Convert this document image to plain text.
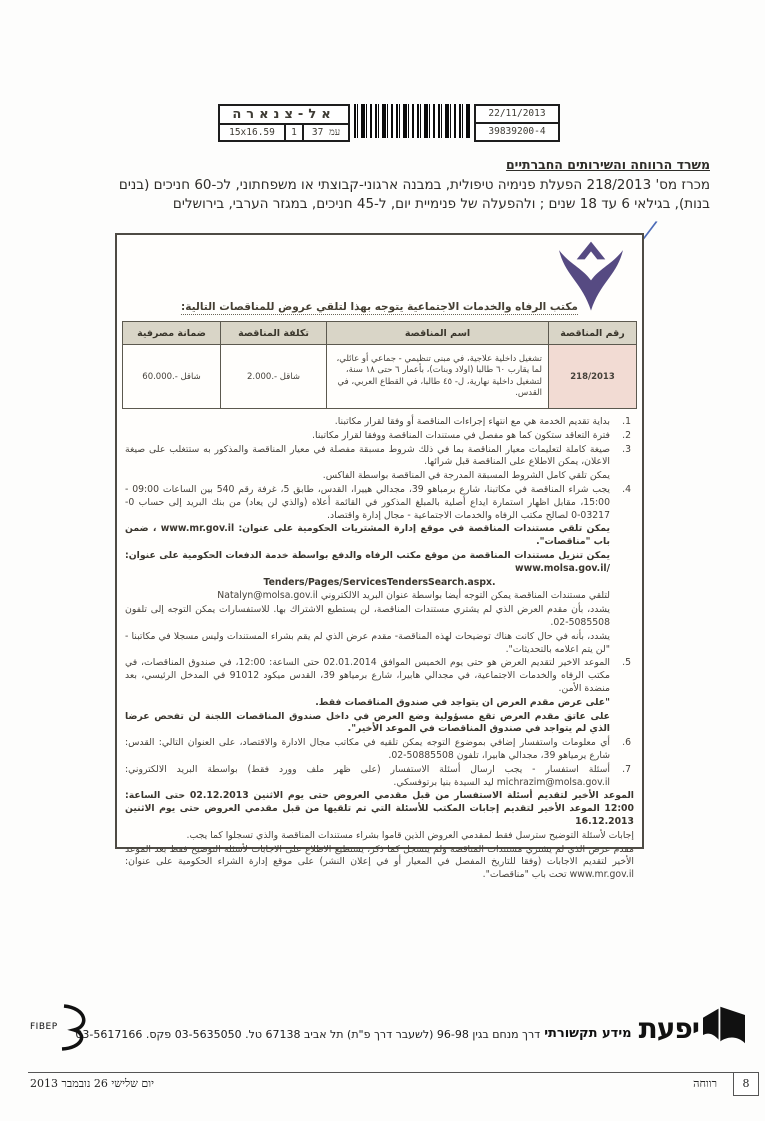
אל-צנארה
15x16.59	1	עמ 37
22/11/2013
39839200-4
משרד הרווחה והשירותים החברתיים
מכרז מס' 218/2013 הפעלת פנימיה טיפולית, במבנה ארגוני-קבוצתי או משפחתוני, לכ-60 חניכים (בנים
בנות), בגילאי 6 עד 18 שנים ; ולהפעלה של פנימיית יום, ל-45 חניכים, במגזר הערבי, בירושלים
/
مكتب الرفاه والخدمات الاجتماعية يتوجه بهذا لتلقي عروض للمناقصات التالية:
رقم المناقصة	اسم المناقصة	تكلفة المناقصة	ضمانة مصرفية
218/2013	تشغيل داخلية علاجية، في مبنى تنظيمي - جماعي أو عائلي، لما يقارب ٦٠ طالبا (اولاد وبنات)، بأعمار ٦ حتى ١٨ سنة، لتشغيل داخلية نهارية، ل- ٤٥ طالبا، في القطاع العربي، في القدس.	2.000.- شاقل	60.000.- شاقل
1.
بداية تقديم الخدمة هي مع انتهاء إجراءات المناقصة أو وفقا لقرار مكاتبنا.
2.
فترة التعاقد ستكون كما هو مفصل في مستندات المناقصة ووفقا لقرار مكاتبنا.
3.
صيغة كاملة لتعليمات معيار المناقصة بما في ذلك شروط مسبقة مفصلة في معيار المناقصة والمذكور به ستتغلب على صيغة الاعلان، يمكن الاطلاع على المناقصة قبل شرائها.
يمكن تلقي كامل الشروط المسبقة المدرجة في المناقصة بواسطة الفاكس.
4.
يجب شراء المناقصة في مكاتبنا، شارع برمباهو 39، مجدالي هييرا، القدس، طابق 5، غرفة رقم 540 بين الساعات 09:00 - 15:00، مقابل اظهار استمارة ايداع أصلية بالمبلغ المذكور في القائمة أعلاه (والذي لن يعاد) من بنك البريد إلى حساب 0-03217-0 لصالح مكتب الرفاه والخدمات الاجتماعية - مجال إدارة واقتصاد.
يمكن تلقي مستندات المناقصة في موقع إدارة المشتريات الحكومية على عنوان: www.mr.gov.il ، ضمن باب "مناقصات".
يمكن تنزيل مستندات المناقصة من موقع مكتب الرفاه والدفع بواسطة خدمة الدفعات الحكومية على عنوان: /www.molsa.gov.il
.Tenders/Pages/ServicesTendersSearch.aspx
لتلقي مستندات المناقصة يمكن التوجه أيضا بواسطة عنوان البريد الالكتروني Natalyn@molsa.gov.il
يشدد، بأن مقدم العرض الذي لم يشتري مستندات المناقصة، لن يستطيع الاشتراك بها. للاستفسارات يمكن التوجه إلى تلفون 5085508-02.
يشدد، بأنه في حال كانت هناك توضيحات لهذه المناقصة- مقدم عرض الذي لم يقم بشراء المستندات وليس مسجلا في مكاتبنا - "لن يتم اعلامه بالتحديثات".
5.
الموعد الاخير لتقديم العرض هو حتى يوم الخميس الموافق 02.01.2014 حتى الساعة: 12:00، في صندوق المناقصات، في مكتب الرفاه والخدمات الاجتماعية، في مجدالي هابيرا، شارع برمياهو 39، القدس ميكود 91012 في المدخل الرئيسي، بعد منضدة الأمن.
"على عرض مقدم العرض ان يتواجد في صندوق المناقصات فقط.
على عاتق مقدم العرض تقع مسؤولية وضع العرض في داخل صندوق المناقصات اللجنة لن تفحص عرضا الذي لم يتواجد في صندوق المناقصات في الموعد الأخير".
6.
أي معلومات واستفسار إضافي بموضوع التوجه يمكن تلقيه في مكاتب مجال الادارة والاقتصاد، على العنوان التالي: القدس: شارع يرمياهو 39، مجدالي هابيرا، تلفون 50885508-02.
7.
أسئلة استفسار - يجب ارسال أسئلة الاستفسار (على ظهر ملف وورد فقط) بواسطة البريد الالكتروني: michrazim@molsa.gov.il ليد السيدة بنيا برتوفسكي.
الموعد الأخير لتقديم أسئلة الاستفسار من قبل مقدمي العروض حتى يوم الاثنين 02.12.2013 حتى الساعة: 12:00 الموعد الأخير لتقديم إجابات المكتب للأسئلة التي تم تلقيها من قبل مقدمي العروض حتى يوم الاثنين 16.12.2013
إجابات لأسئلة التوضيح سترسل فقط لمقدمي العروض الذين قاموا بشراء مستندات المناقصة والذي تسجلوا كما يجب.
مقدم عرض الذي لم يشتري مستندات المناقصة ولم يتسجل كما ذكر، يستطيع الاطلاع على الاجابات لأسئلة التوضيح فقط بعد الموعد الأخير لتقديم الاجابات (وفقا للتاريخ المفصل في المعيار أو في إعلان النشر) على موقع إدارة الشراء الحكومية على عنوان: www.mr.gov.il تحت باب "مناقصات".
יפעת
מידע תקשורתי
דרך מנחם בגין 96-98 (לשעבר דרך פ"ת) תל אביב 67138 טל. 03-5635050 פקס. 03-5617166
FIBEP
יום שלישי 26 נובמבר 2013	רווחה	8
